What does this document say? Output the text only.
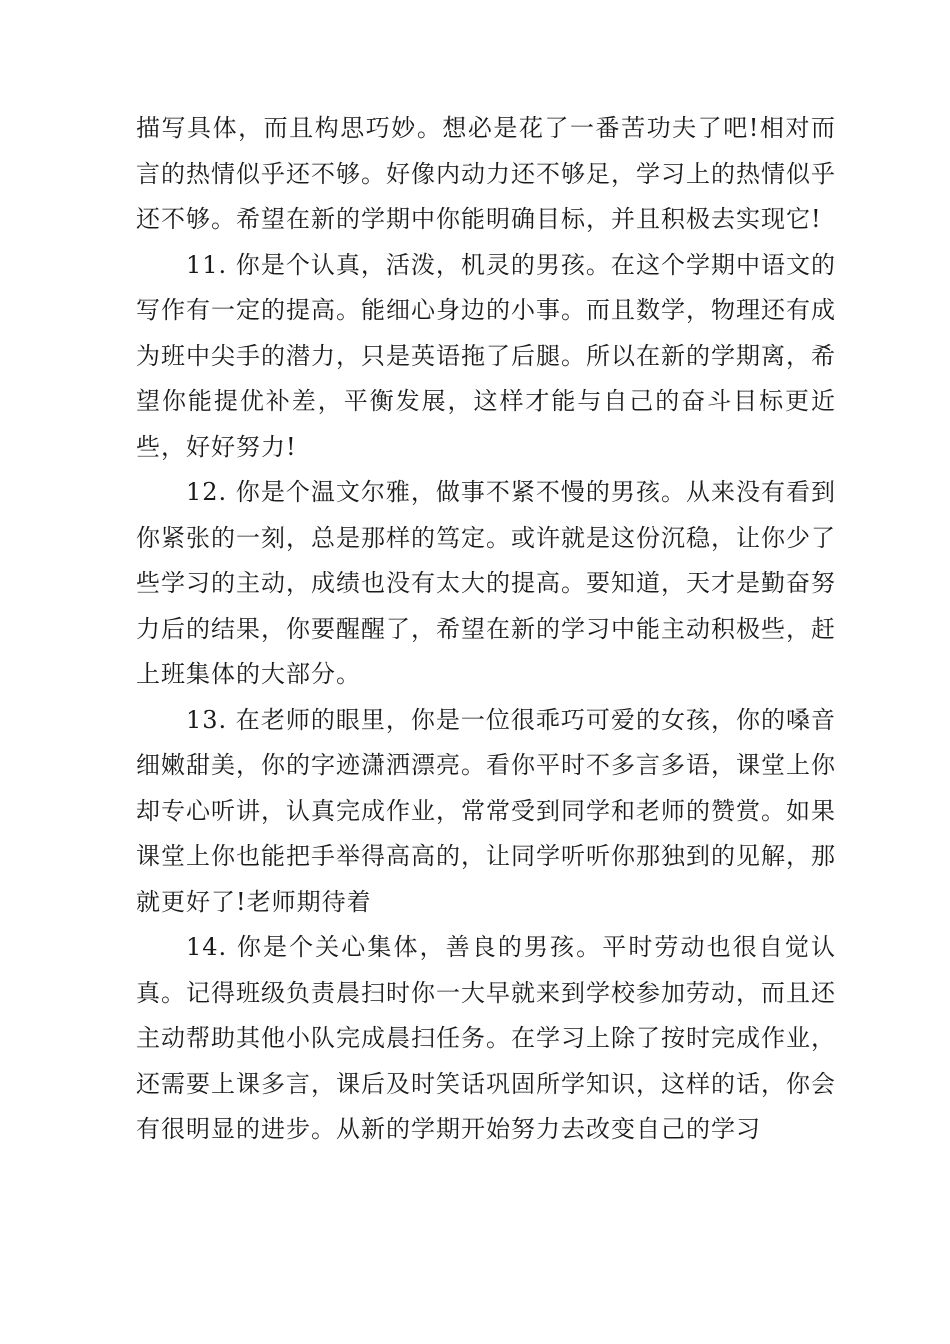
描写具体，而且构思巧妙。想必是花了一番苦功夫了吧!相对而言的热情似乎还不够。好像内动力还不够足，学习上的热情似乎还不够。希望在新的学期中你能明确目标，并且积极去实现它!

11. 你是个认真，活泼，机灵的男孩。在这个学期中语文的写作有一定的提高。能细心身边的小事。而且数学，物理还有成为班中尖手的潜力，只是英语拖了后腿。所以在新的学期离，希望你能提优补差，平衡发展，这样才能与自己的奋斗目标更近些，好好努力!

12. 你是个温文尔雅，做事不紧不慢的男孩。从来没有看到你紧张的一刻，总是那样的笃定。或许就是这份沉稳，让你少了些学习的主动，成绩也没有太大的提高。要知道，天才是勤奋努力后的结果，你要醒醒了，希望在新的学习中能主动积极些，赶上班集体的大部分。

13. 在老师的眼里，你是一位很乖巧可爱的女孩，你的嗓音细嫩甜美，你的字迹潇洒漂亮。看你平时不多言多语，课堂上你却专心听讲，认真完成作业，常常受到同学和老师的赞赏。如果课堂上你也能把手举得高高的，让同学听听你那独到的见解，那就更好了!老师期待着

14. 你是个关心集体，善良的男孩。平时劳动也很自觉认真。记得班级负责晨扫时你一大早就来到学校参加劳动，而且还主动帮助其他小队完成晨扫任务。在学习上除了按时完成作业，还需要上课多言，课后及时笑话巩固所学知识，这样的话，你会有很明显的进步。从新的学期开始努力去改变自己的学习
